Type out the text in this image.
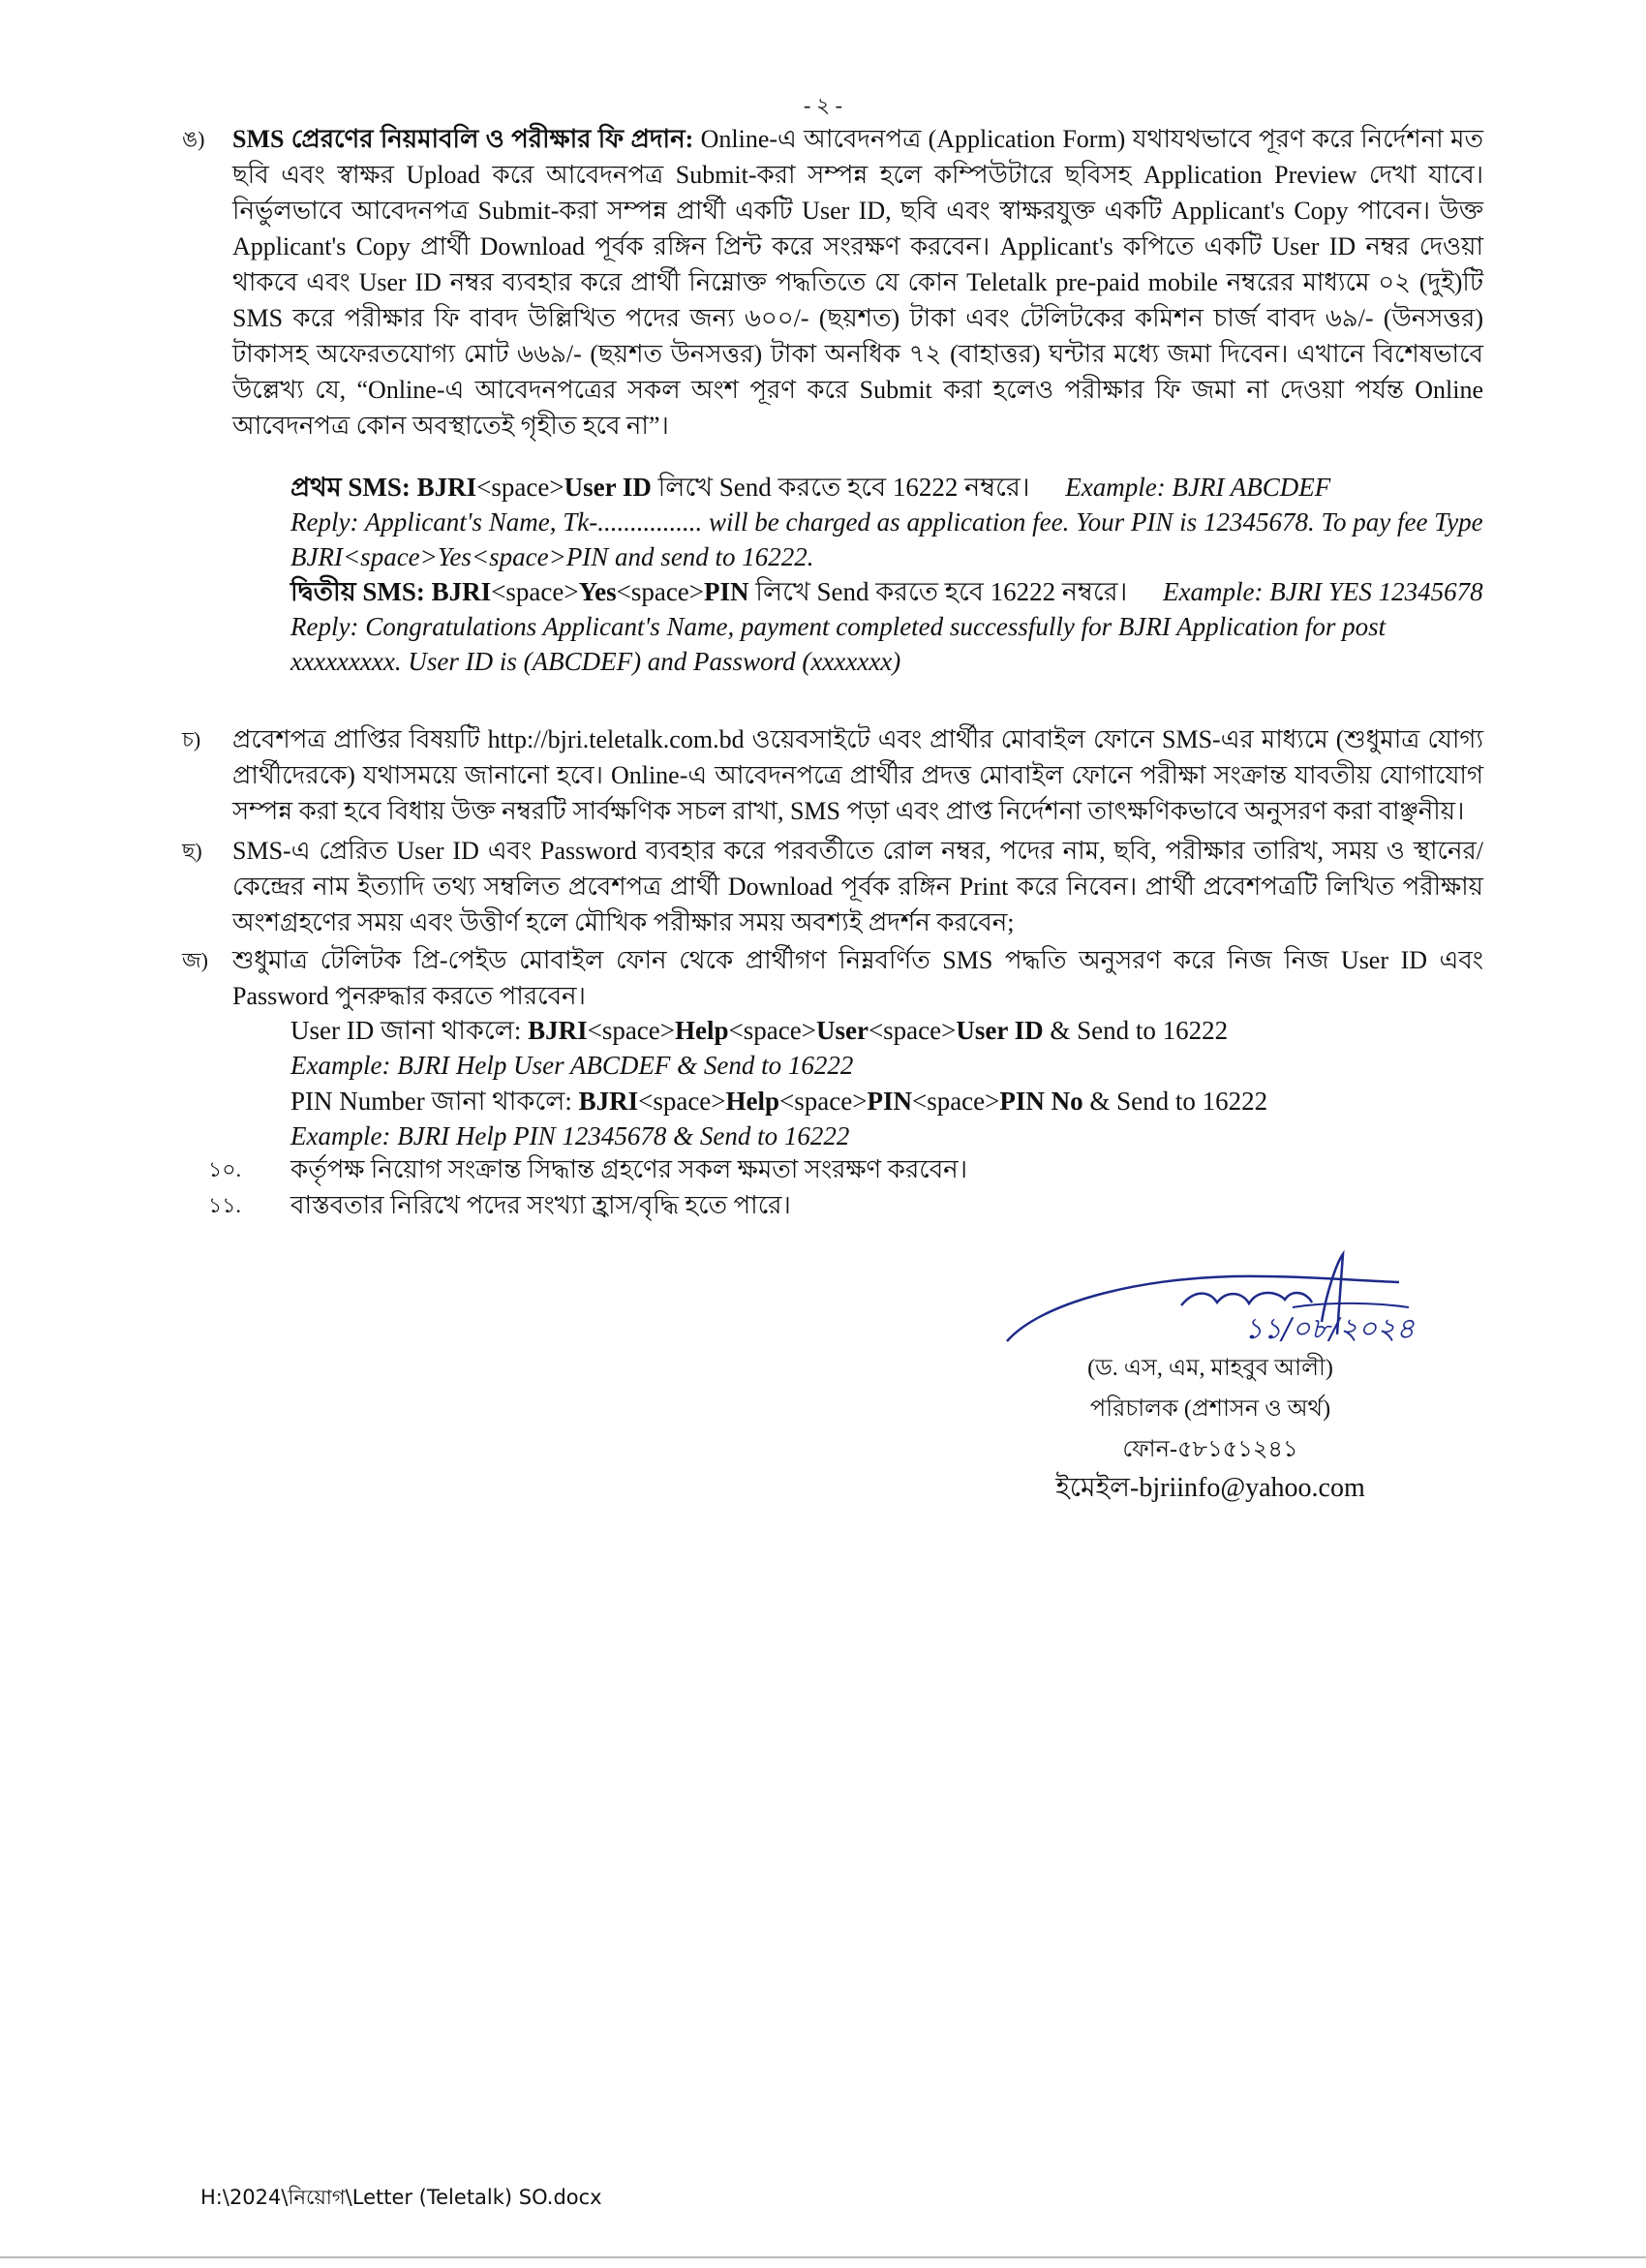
- ২ -
ঙ)	SMS প্রেরণের নিয়মাবলি ও পরীক্ষার ফি প্রদান: Online-এ আবেদনপত্র (Application Form) যথাযথভাবে পূরণ করে নির্দেশনা মত ছবি এবং স্বাক্ষর Upload করে আবেদনপত্র Submit-করা সম্পন্ন হলে কম্পিউটারে ছবিসহ Application Preview দেখা যাবে। নির্ভুলভাবে আবেদনপত্র Submit-করা সম্পন্ন প্রার্থী একটি User ID, ছবি এবং স্বাক্ষরযুক্ত একটি Applicant's Copy পাবেন। উক্ত Applicant's Copy প্রার্থী Download পূর্বক রঙ্গিন প্রিন্ট করে সংরক্ষণ করবেন। Applicant's কপিতে একটি User ID নম্বর দেওয়া থাকবে এবং User ID নম্বর ব্যবহার করে প্রার্থী নিম্নোক্ত পদ্ধতিতে যে কোন Teletalk pre-paid mobile নম্বরের মাধ্যমে ০২ (দুই)টি SMS করে পরীক্ষার ফি বাবদ উল্লিখিত পদের জন্য ৬০০/- (ছয়শত) টাকা এবং টেলিটকের কমিশন চার্জ বাবদ ৬৯/- (উনসত্তর) টাকাসহ অফেরতযোগ্য মোট ৬৬৯/- (ছয়শত উনসত্তর) টাকা অনধিক ৭২ (বাহাত্তর) ঘন্টার মধ্যে জমা দিবেন। এখানে বিশেষভাবে উল্লেখ্য যে, “Online-এ আবেদনপত্রের সকল অংশ পূরণ করে Submit করা হলেও পরীক্ষার ফি জমা না দেওয়া পর্যন্ত Online আবেদনপত্র কোন অবস্থাতেই গৃহীত হবে না”।
প্রথম SMS: BJRI<space>User ID লিখে Send করতে হবে 16222 নম্বরে। Example: BJRI ABCDEF
Reply: Applicant's Name, Tk-................ will be charged as application fee. Your PIN is 12345678. To pay fee Type BJRI<space>Yes<space>PIN and send to 16222.
দ্বিতীয় SMS: BJRI<space>Yes<space>PIN লিখে Send করতে হবে 16222 নম্বরে। Example: BJRI YES 12345678
Reply: Congratulations Applicant's Name, payment completed successfully for BJRI Application for post xxxxxxxxx. User ID is (ABCDEF) and Password (xxxxxxx)
চ)	প্রবেশপত্র প্রাপ্তির বিষয়টি http://bjri.teletalk.com.bd ওয়েবসাইটে এবং প্রার্থীর মোবাইল ফোনে SMS-এর মাধ্যমে (শুধুমাত্র যোগ্য প্রার্থীদেরকে) যথাসময়ে জানানো হবে। Online-এ আবেদনপত্রে প্রার্থীর প্রদত্ত মোবাইল ফোনে পরীক্ষা সংক্রান্ত যাবতীয় যোগাযোগ সম্পন্ন করা হবে বিধায় উক্ত নম্বরটি সার্বক্ষণিক সচল রাখা, SMS পড়া এবং প্রাপ্ত নির্দেশনা তাৎক্ষণিকভাবে অনুসরণ করা বাঞ্ছনীয়।
ছ)	SMS-এ প্রেরিত User ID এবং Password ব্যবহার করে পরবর্তীতে রোল নম্বর, পদের নাম, ছবি, পরীক্ষার তারিখ, সময় ও স্থানের/কেন্দ্রের নাম ইত্যাদি তথ্য সম্বলিত প্রবেশপত্র প্রার্থী Download পূর্বক রঙ্গিন Print করে নিবেন। প্রার্থী প্রবেশপত্রটি লিখিত পরীক্ষায় অংশগ্রহণের সময় এবং উত্তীর্ণ হলে মৌখিক পরীক্ষার সময় অবশ্যই প্রদর্শন করবেন;
জ) শুধুমাত্র টেলিটক প্রি-পেইড মোবাইল ফোন থেকে প্রার্থীগণ নিম্নবর্ণিত SMS পদ্ধতি অনুসরণ করে নিজ নিজ User ID এবং Password পুনরুদ্ধার করতে পারবেন।
User ID জানা থাকলে: BJRI<space>Help<space>User<space>User ID & Send to 16222
Example: BJRI Help User ABCDEF & Send to 16222
PIN Number জানা থাকলে: BJRI<space>Help<space>PIN<space>PIN No & Send to 16222
Example: BJRI Help PIN 12345678 & Send to 16222
১০.	কর্তৃপক্ষ নিয়োগ সংক্রান্ত সিদ্ধান্ত গ্রহণের সকল ক্ষমতা সংরক্ষণ করবেন।
১১.	বাস্তবতার নিরিখে পদের সংখ্যা হ্রাস/বৃদ্ধি হতে পারে।
১১/০৮/২০২৪
(ড. এস, এম, মাহবুব আলী)
পরিচালক (প্রশাসন ও অর্থ)
ফোন-৫৮১৫১২৪১
ইমেইল-bjriinfo@yahoo.com
H:\2024\নিয়োগ\Letter (Teletalk) SO.docx
